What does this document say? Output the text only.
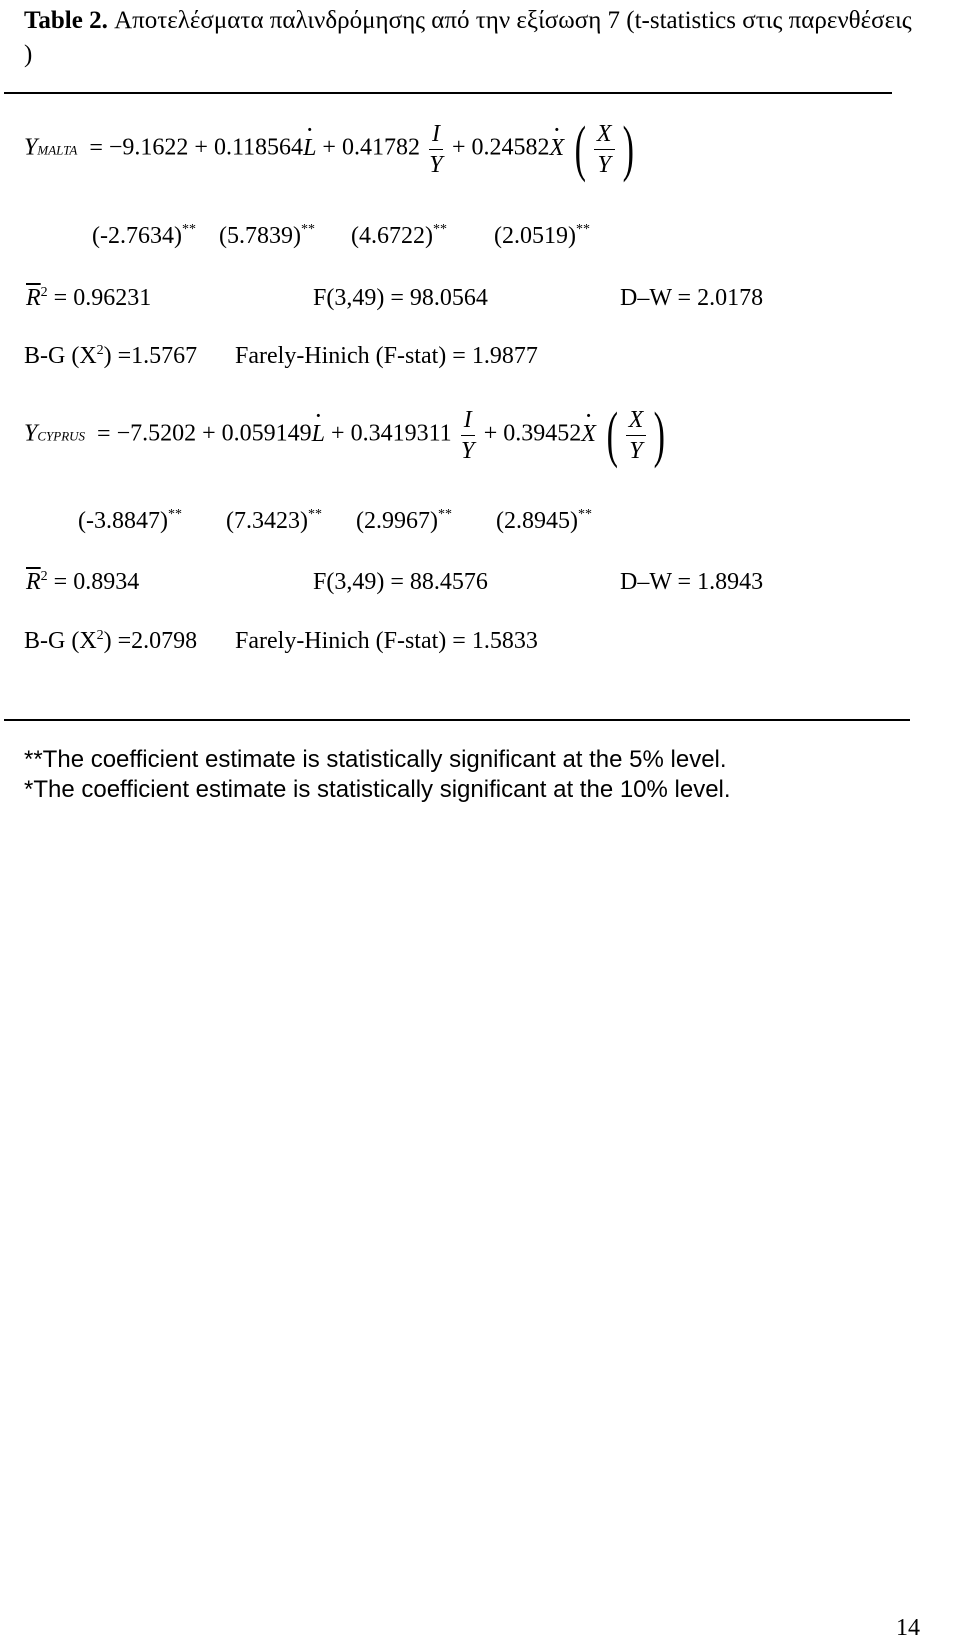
Table 2. Αποτελέσματα παλινδρόμησης από την εξίσωση 7 (t-statistics στις παρενθέσεις )
YMALTA = $-9.1622 + 0.118564\cdot L + 0.41782 \frac{I}{Y} + 0.24582\cdot X$ ( $\frac{X}{Y}$ )
(-2.7634)** (5.7839)** (4.6722)** (2.0519)**
$\overline{R}^2 = 0.96231$	F(3,49) = 98.0564	D–W = 2.0178
B-G $(X^2) =1.5767$ Farely-Hinich (F-stat) = 1.9877
YCYPRUS = $-7.5202 + 0.059149\cdot L + 0.3419311 \frac{I}{Y} + 0.39452\cdot X$ ( $\frac{X}{Y}$ )
(-3.8847)** (7.3423)** (2.9967)** (2.8945)**
$\overline{R}^2 = 0.8934$	F(3,49) = 88.4576	D–W = 1.8943
B-G $(X^2) =2.0798$ Farely-Hinich (F-stat) = 1.5833
**The coefficient estimate is statistically significant at the 5% level.
*The coefficient estimate is statistically significant at the 10% level.
14
